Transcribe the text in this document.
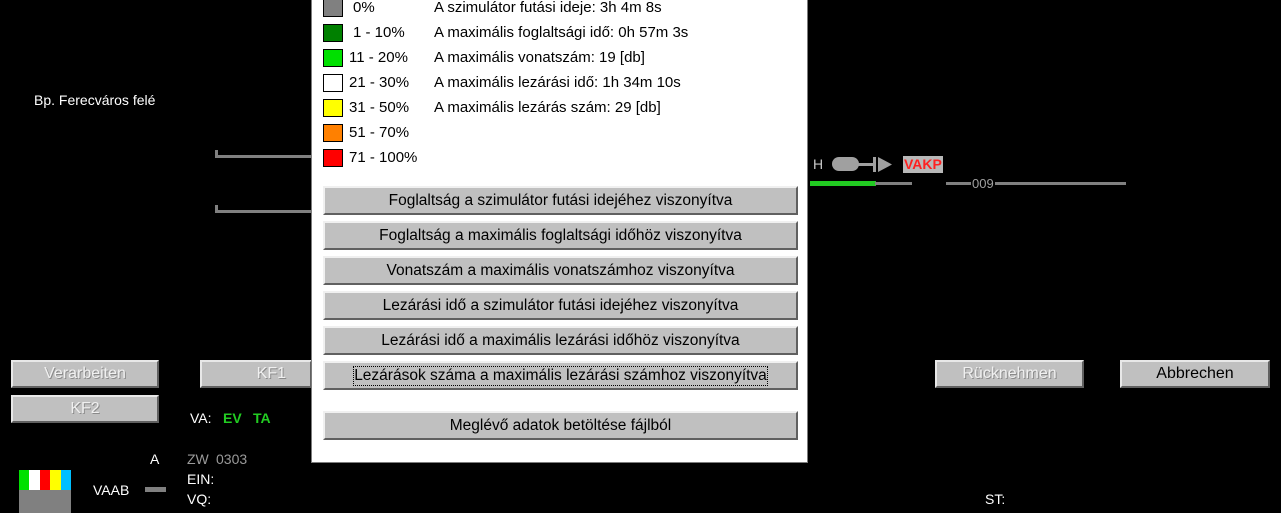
Bp. Ferecváros felé
H	VAKP
009
Verarbeiten	KF1
KF2
Rücknehmen	Abbrechen
VA: EV TA
A ZW 0303
EIN:
VQ:
VAAB
ST:
0%
1 - 10%
11 - 20%
21 - 30%
31 - 50%
51 - 70%
71 - 100%
A szimulátor futási ideje: 3h 4m 8s
A maximális foglaltsági idő: 0h 57m 3s
A maximális vonatszám: 19 [db]
A maximális lezárási idő: 1h 34m 10s
A maximális lezárás szám: 29 [db]
Foglaltság a szimulátor futási idejéhez viszonyítva
Foglaltság a maximális foglaltsági időhöz viszonyítva
Vonatszám a maximális vonatszámhoz viszonyítva
Lezárási idő a szimulátor futási idejéhez viszonyítva
Lezárási idő a maximális lezárási időhöz viszonyítva
Lezárások száma a maximális lezárási számhoz viszonyítva
Meglévő adatok betöltése fájlból
